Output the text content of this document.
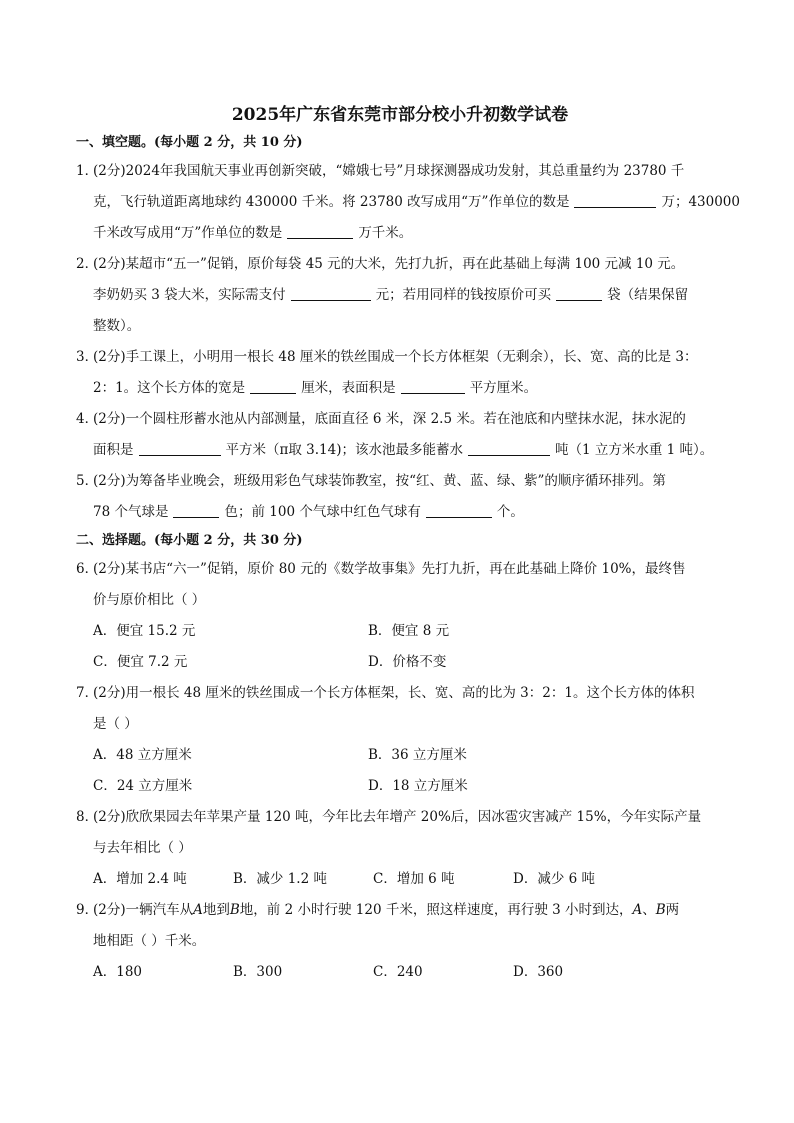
2025年广东省东莞市部分校小升初数学试卷
一、填空题。(每小题 2 分，共 10 分)
1．
(2分)2024年我国航天事业再创新突破，“嫦娥七号”月球探测器成功发射，其总重量约为 23780 千
克，飞行轨道距离地球约 430000 千米。将 23780 改写成用“万”作单位的数是	万；430000
千米改写成用“万”作单位的数是	万千米。
2．
(2分)某超市“五一”促销，原价每袋 45 元的大米，先打九折，再在此基础上每满 100 元减 10 元。
李奶奶买 3 袋大米，实际需支付	元；若用同样的钱按原价可买	袋（结果保留
整数）。
3．
(2分)手工课上，小明用一根长 48 厘米的铁丝围成一个长方体框架（无剩余），长、宽、高的比是 3：
2：1。这个长方体的宽是	厘米，表面积是	平方厘米。
4．
(2分)一个圆柱形蓄水池从内部测量，底面直径 6 米，深 2.5 米。若在池底和内壁抹水泥，抹水泥的
面积是	平方米（π取 3.14)；该水池最多能蓄水	吨（1 立方米水重 1 吨）。
5．
(2分)为筹备毕业晚会，班级用彩色气球装饰教室，按“红、黄、蓝、绿、紫”的顺序循环排列。第
78 个气球是	色；前 100 个气球中红色气球有	个。
二、选择题。(每小题 2 分，共 30 分)
6．
(2分)某书店“六一”促销，原价 80 元的《数学故事集》先打九折，再在此基础上降价 10%，最终售
价与原价相比（ ）
A．便宜 15.2 元	B．便宜 8 元
C．便宜 7.2 元	D．价格不变
7．
(2分)用一根长 48 厘米的铁丝围成一个长方体框架，长、宽、高的比为 3：2：1。这个长方体的体积
是（ ）
A．48 立方厘米	B．36 立方厘米
C．24 立方厘米	D．18 立方厘米
8．
(2分)欣欣果园去年苹果产量 120 吨，今年比去年增产 20%后，因冰雹灾害减产 15%，今年实际产量
与去年相比（ ）
A．增加 2.4 吨	B．减少 1.2 吨	C．增加 6 吨	D．减少 6 吨
9．
(2分)一辆汽车从A地到B地，前 2 小时行驶 120 千米，照这样速度，再行驶 3 小时到达，A、B两
地相距（ ）千米。
A．180	B．300	C．240	D．360
